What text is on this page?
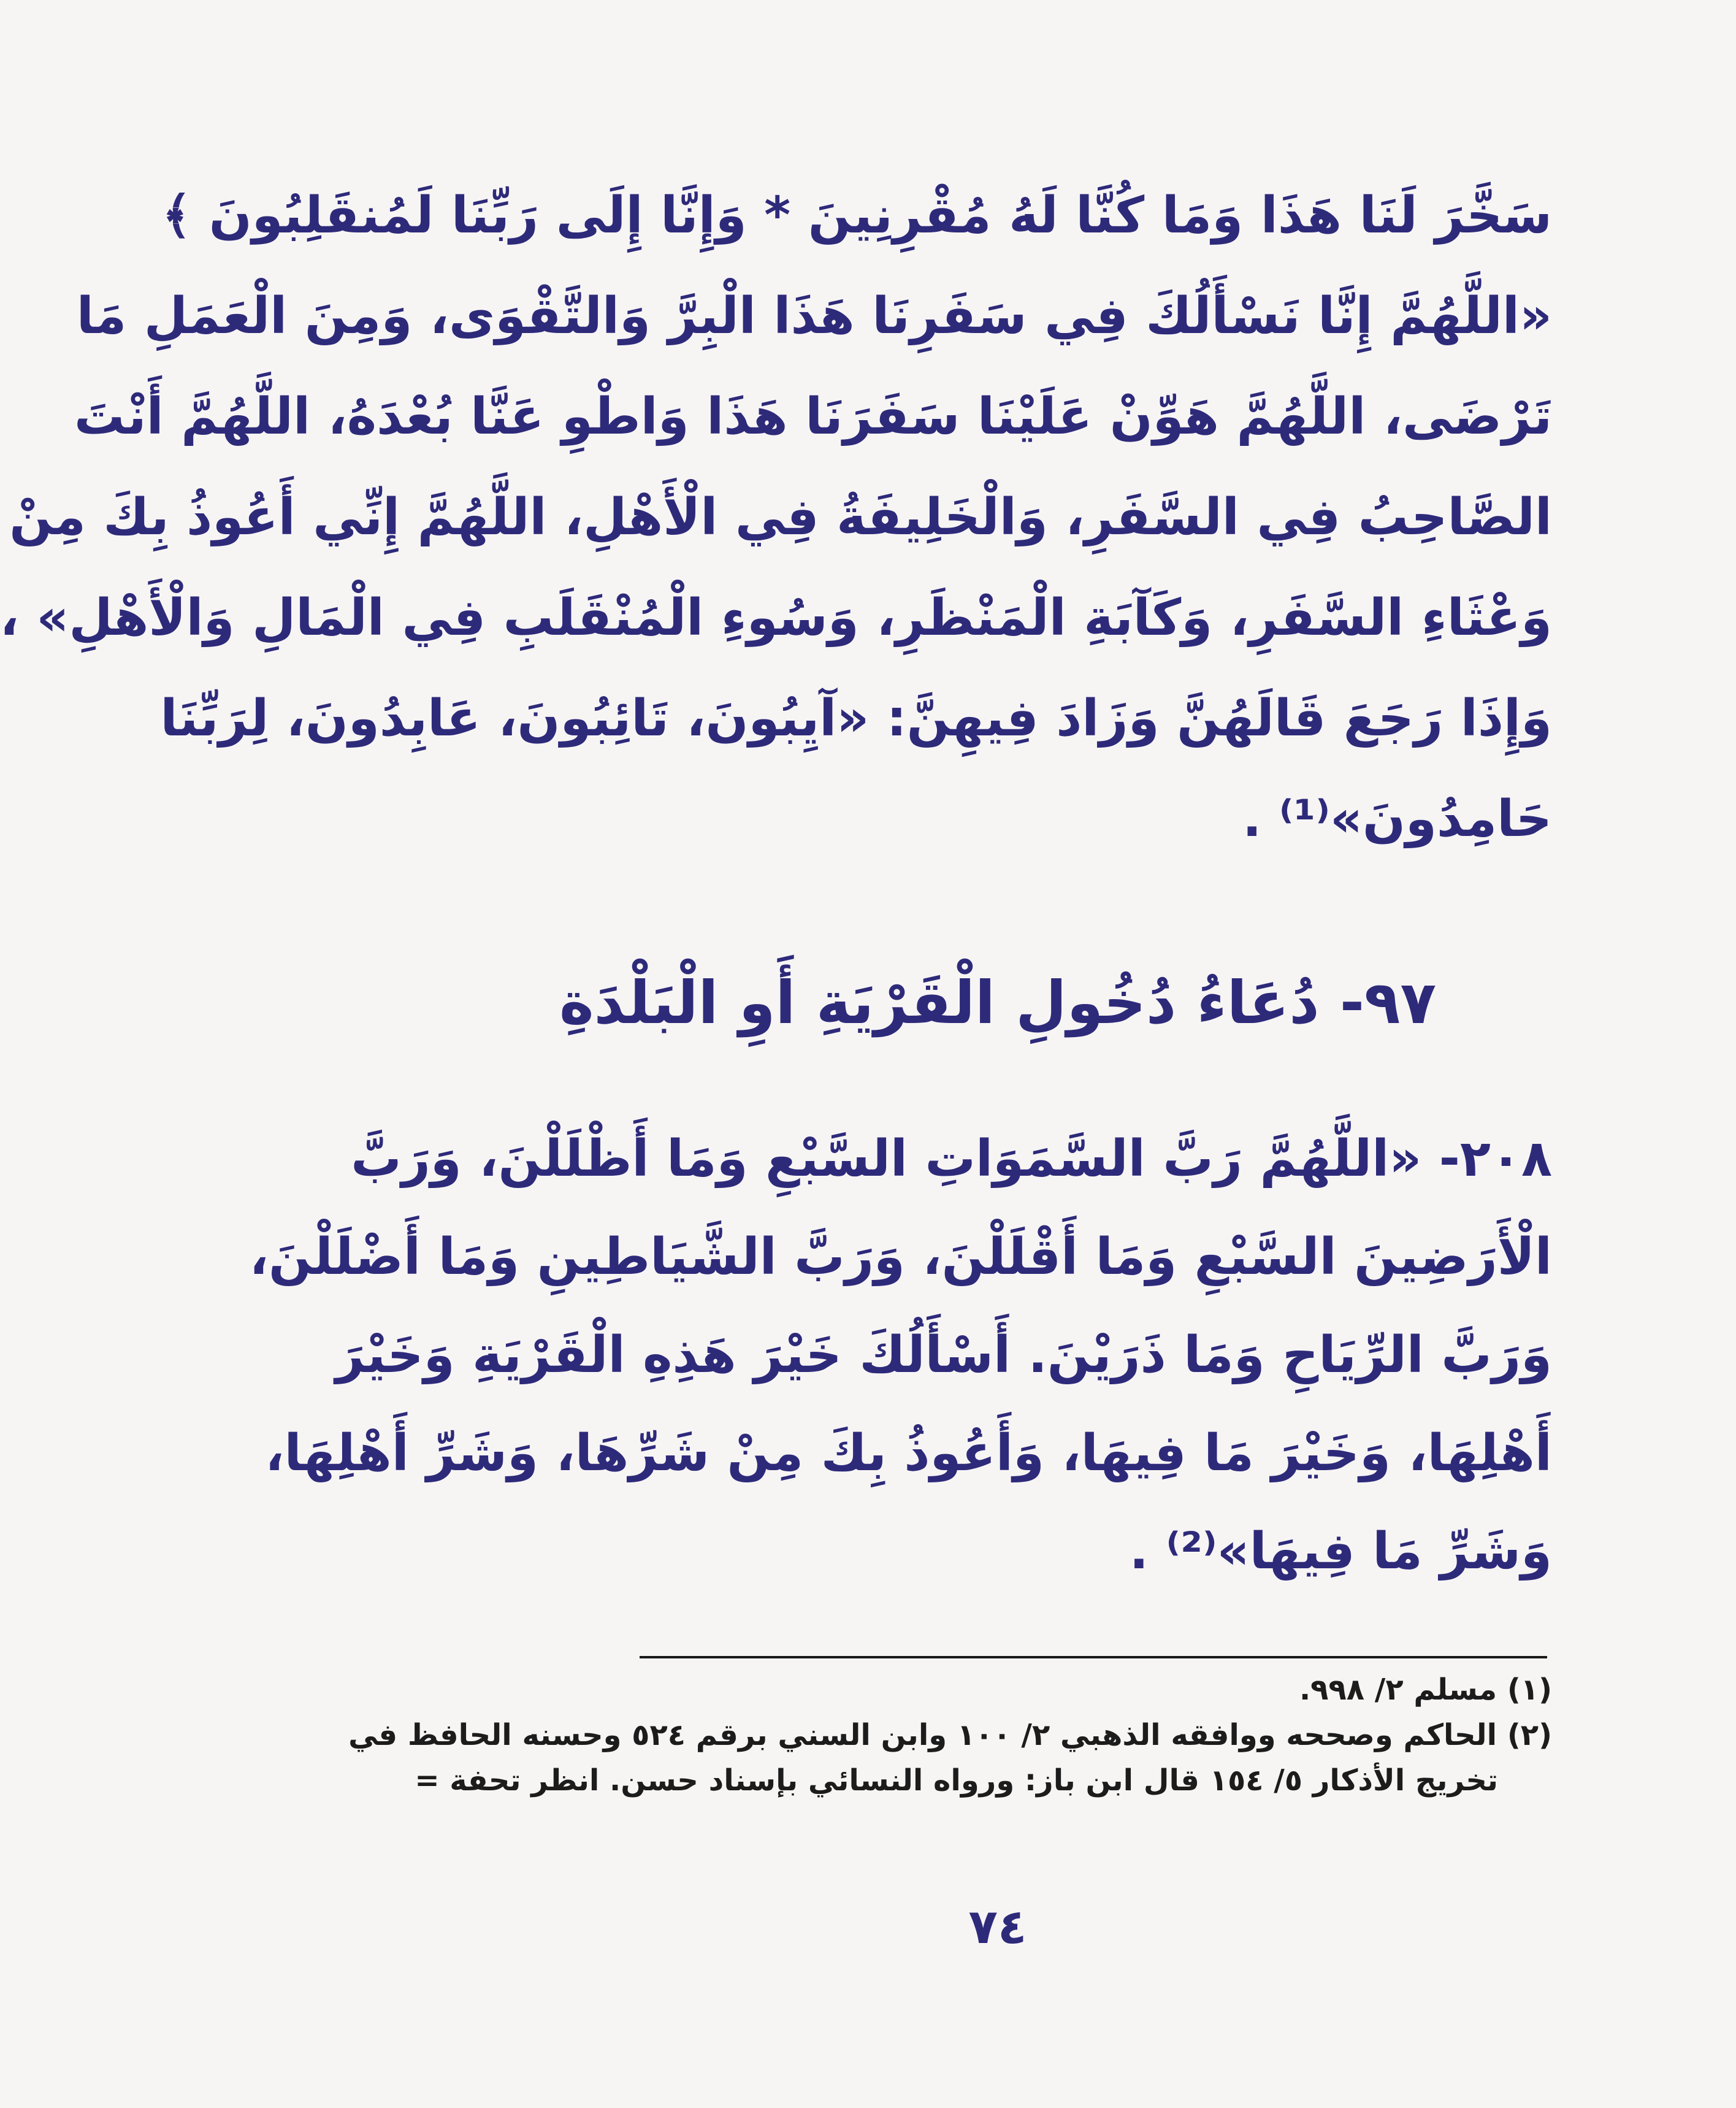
سَخَّرَ لَنَا هَذَا وَمَا كُنَّا لَهُ مُقْرِنِينَ * وَإِنَّا إِلَى رَبِّنَا لَمُنقَلِبُونَ ﴾
«اللَّهُمَّ إِنَّا نَسْأَلُكَ فِي سَفَرِنَا هَذَا الْبِرَّ وَالتَّقْوَى، وَمِنَ الْعَمَلِ مَا
تَرْضَى، اللَّهُمَّ هَوِّنْ عَلَيْنَا سَفَرَنَا هَذَا وَاطْوِ عَنَّا بُعْدَهُ، اللَّهُمَّ أَنْتَ
الصَّاحِبُ فِي السَّفَرِ، وَالْخَلِيفَةُ فِي الْأَهْلِ، اللَّهُمَّ إِنِّي أَعُوذُ بِكَ مِنْ
وَعْثَاءِ السَّفَرِ، وَكَآبَةِ الْمَنْظَرِ، وَسُوءِ الْمُنْقَلَبِ فِي الْمَالِ وَالْأَهْلِ» ،
وَإِذَا رَجَعَ قَالَهُنَّ وَزَادَ فِيهِنَّ: «آيِبُونَ، تَائِبُونَ، عَابِدُونَ، لِرَبِّنَا
حَامِدُونَ»⁽¹⁾ .
٩٧- دُعَاءُ دُخُولِ الْقَرْيَةِ أَوِ الْبَلْدَةِ
٢٠٨- «اللَّهُمَّ رَبَّ السَّمَوَاتِ السَّبْعِ وَمَا أَظْلَلْنَ، وَرَبَّ
الْأَرَضِينَ السَّبْعِ وَمَا أَقْلَلْنَ، وَرَبَّ الشَّيَاطِينِ وَمَا أَضْلَلْنَ،
وَرَبَّ الرِّيَاحِ وَمَا ذَرَيْنَ. أَسْأَلُكَ خَيْرَ هَذِهِ الْقَرْيَةِ وَخَيْرَ
أَهْلِهَا، وَخَيْرَ مَا فِيهَا، وَأَعُوذُ بِكَ مِنْ شَرِّهَا، وَشَرِّ أَهْلِهَا،
وَشَرِّ مَا فِيهَا»⁽²⁾ .
(١) مسلم ٢/ ٩٩٨.
(٢) الحاكم وصححه ووافقه الذهبي ٢/ ١٠٠ وابن السني برقم ٥٢٤ وحسنه الحافظ في
تخريج الأذكار ٥/ ١٥٤ قال ابن باز: ورواه النسائي بإسناد حسن. انظر تحفة =
٧٤
